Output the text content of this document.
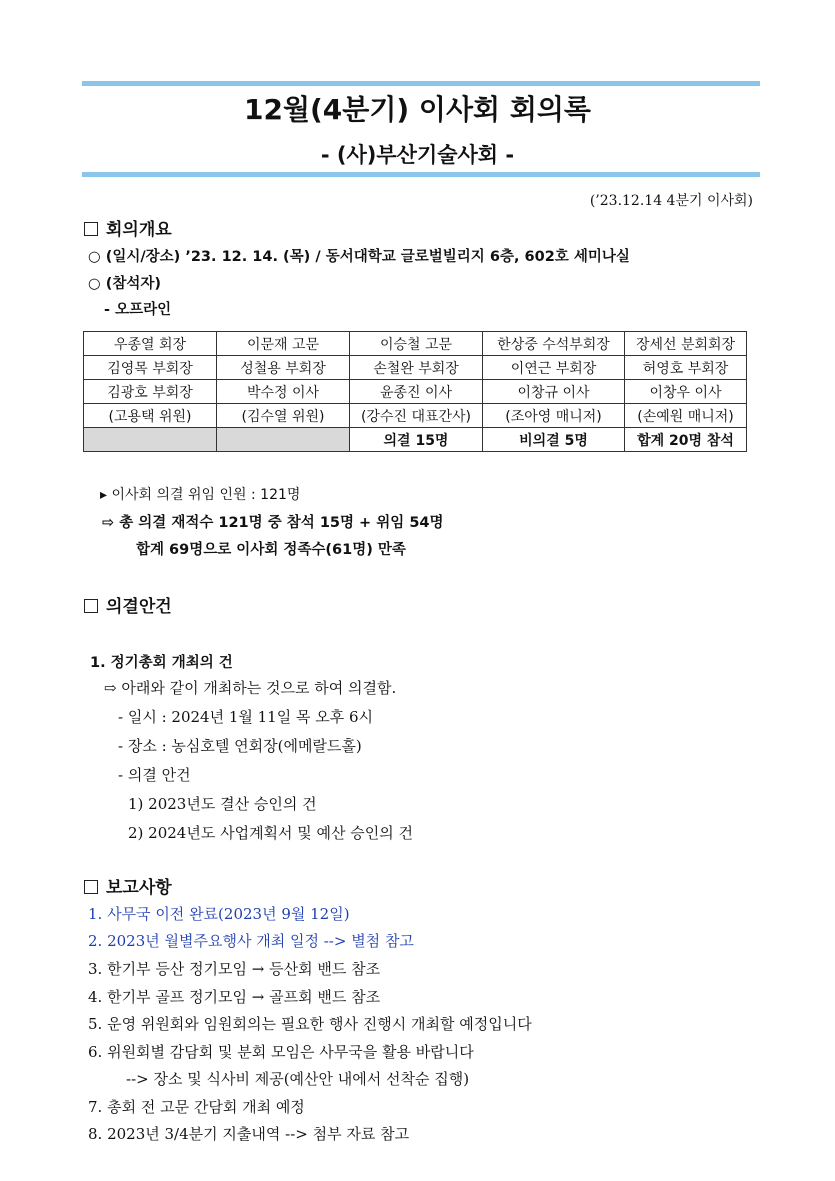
12월(4분기) 이사회 회의록
- (사)부산기술사회 -
(’23.12.14 4분기 이사회)
회의개요
○ (일시/장소) ’23. 12. 14. (목) / 동서대학교 글로벌빌리지 6층, 602호 세미나실
○ (참석자)
- 오프라인
우종열 회장	이문재 고문	이승철 고문	한상중 수석부회장	장세선 분회회장
김영목 부회장	성철용 부회장	손철완 부회장	이연근 부회장	허영호 부회장
김광호 부회장	박수정 이사	윤종진 이사	이창규 이사	이창우 이사
(고용택 위원)	(김수열 위원)	(강수진 대표간사)	(조아영 매니저)	(손예원 매니저)
		의결 15명	비의결 5명	합계 20명 참석
▸ 이사회 의결 위임 인원 : 121명
⇨ 총 의결 재적수 121명 중 참석 15명 + 위임 54명
합계 69명으로 이사회 정족수(61명) 만족
의결안건
1. 정기총회 개최의 건
⇨ 아래와 같이 개최하는 것으로 하여 의결함.
- 일시 : 2024년 1월 11일 목 오후 6시
- 장소 : 농심호텔 연회장(에메랄드홀)
- 의결 안건
1) 2023년도 결산 승인의 건
2) 2024년도 사업계획서 및 예산 승인의 건
보고사항
1. 사무국 이전 완료(2023년 9월 12일)
2. 2023년 월별주요행사 개최 일정 --> 별첨 참고
3. 한기부 등산 정기모임 → 등산회 밴드 참조
4. 한기부 골프 정기모임 → 골프회 밴드 참조
5. 운영 위원회와 임원회의는 필요한 행사 진행시 개최할 예정입니다
6. 위원회별 감담회 및 분회 모임은 사무국을 활용 바랍니다
--> 장소 및 식사비 제공(예산안 내에서 선착순 집행)
7. 총회 전 고문 간담회 개최 예정
8. 2023년 3/4분기 지출내역 --> 첨부 자료 참고
